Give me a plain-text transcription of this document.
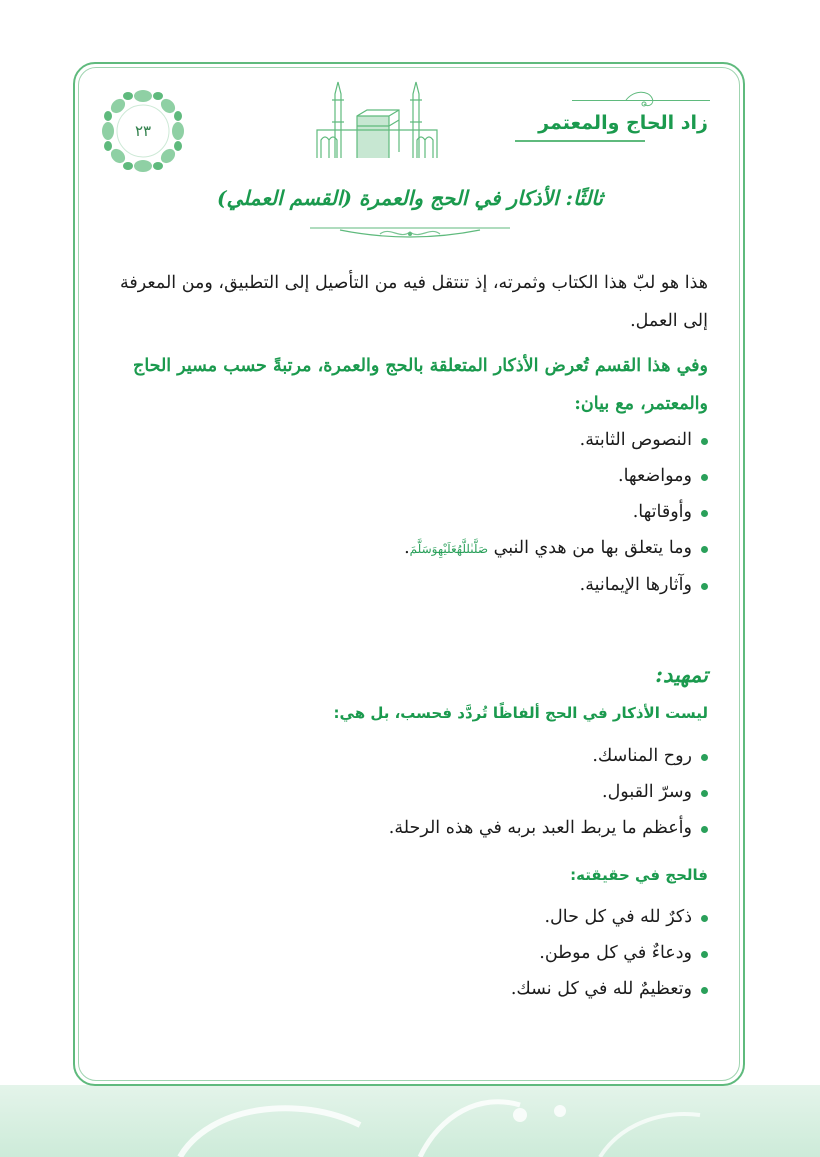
٢٣	زاد الحاج والمعتمر
ثالثًا: الأذكار في الحج والعمرة (القسم العملي)

هذا هو لبّ هذا الكتاب وثمرته، إذ تنتقل فيه من التأصيل إلى التطبيق، ومن المعرفة إلى العمل.

وفي هذا القسم تُعرض الأذكار المتعلقة بالحج والعمرة، مرتبةً حسب مسير الحاج والمعتمر، مع بيان:

النصوص الثابتة.
ومواضعها.
وأوقاتها.
وما يتعلق بها من هدي النبي صَلَّىٰللَّهُعَلَيْهِوَسَلَّمَ.
وآثارها الإيمانية.
تمهيد:
ليست الأذكار في الحج ألفاظًا تُردَّد فحسب، بل هي:
روح المناسك.
وسرّ القبول.
وأعظم ما يربط العبد بربه في هذه الرحلة.
فالحج في حقيقته:
ذكرٌ لله في كل حال.
ودعاءٌ في كل موطن.
وتعظيمٌ لله في كل نسك.
